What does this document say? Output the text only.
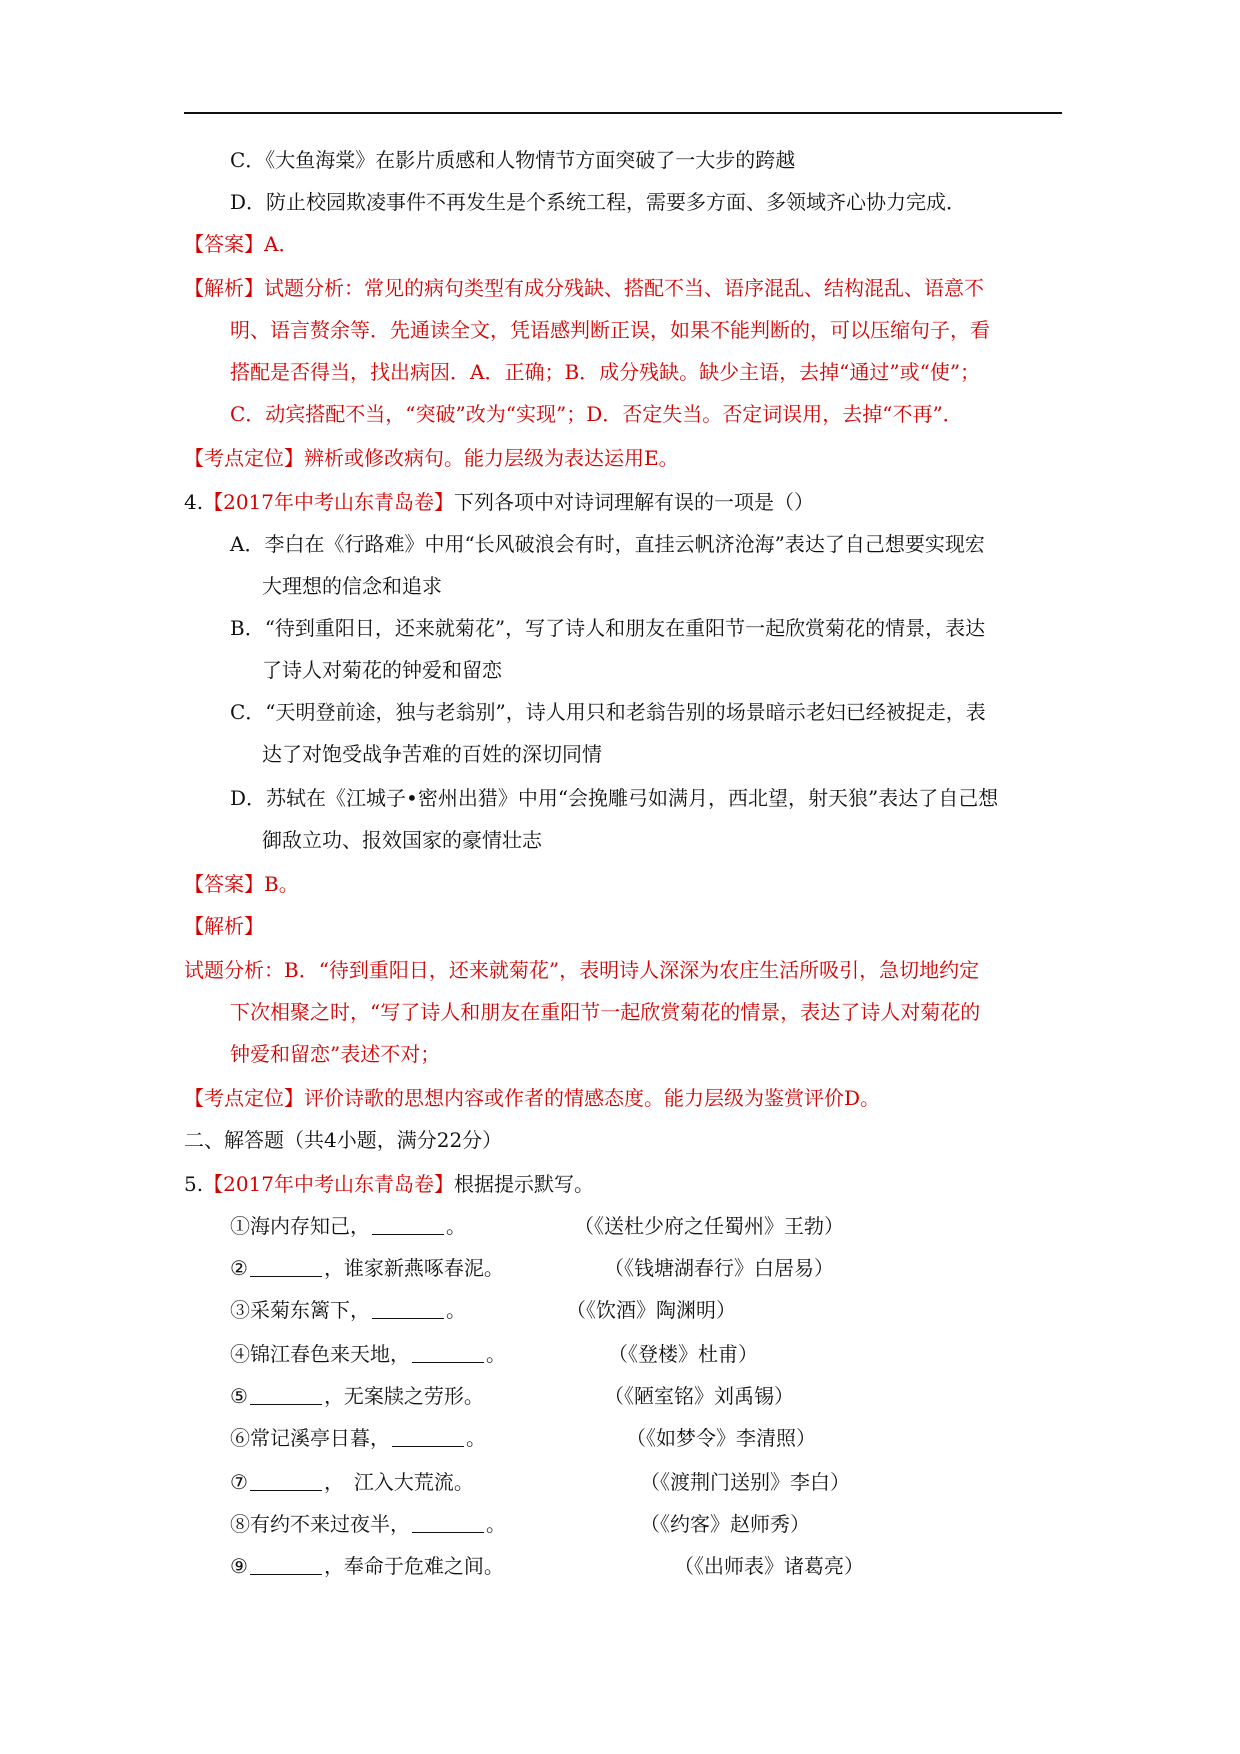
C．《大鱼海棠》在影片质感和人物情节方面突破了一大步的跨越
D．防止校园欺凌事件不再发生是个系统工程，需要多方面、多领域齐心协力完成．
【答案】A．
【解析】试题分析：常见的病句类型有成分残缺、搭配不当、语序混乱、结构混乱、语意不
明、语言赘余等．先通读全文，凭语感判断正误，如果不能判断的，可以压缩句子，看
搭配是否得当，找出病因．A．正确；B．成分残缺。缺少主语，去掉“通过”或“使”；
C．动宾搭配不当，“突破”改为“实现”；D．否定失当。否定词误用，去掉“不再”．
【考点定位】辨析或修改病句。能力层级为表达运用E。
4.【2017年中考山东青岛卷】下列各项中对诗词理解有误的一项是（）
A．李白在《行路难》中用“长风破浪会有时，直挂云帆济沧海”表达了自己想要实现宏
大理想的信念和追求
B．“待到重阳日，还来就菊花”，写了诗人和朋友在重阳节一起欣赏菊花的情景，表达
了诗人对菊花的钟爱和留恋
C．“天明登前途，独与老翁别”，诗人用只和老翁告别的场景暗示老妇已经被捉走，表
达了对饱受战争苦难的百姓的深切同情
D．苏轼在《江城子•密州出猎》中用“会挽雕弓如满月，西北望，射天狼”表达了自己想
御敌立功、报效国家的豪情壮志
【答案】B。
【解析】
试题分析：B．“待到重阳日，还来就菊花”，表明诗人深深为农庄生活所吸引，急切地约定
下次相聚之时，“写了诗人和朋友在重阳节一起欣赏菊花的情景，表达了诗人对菊花的
钟爱和留恋”表述不对；
【考点定位】评价诗歌的思想内容或作者的情感态度。能力层级为鉴赏评价D。
二、解答题（共4小题，满分22分）
5.【2017年中考山东青岛卷】根据提示默写。
①海内存知己，	。	（《送杜少府之任蜀州》王勃）
②	，谁家新燕啄春泥。	（《钱塘湖春行》白居易）
③采菊东篱下，	。	（《饮酒》陶渊明）
④锦江春色来天地，	。	（《登楼》杜甫）
⑤	，无案牍之劳形。	（《陋室铭》刘禹锡）
⑥常记溪亭日暮，	。	（《如梦令》李清照）
⑦	，　江入大荒流。	（《渡荆门送别》李白）
⑧有约不来过夜半，	。	（《约客》赵师秀）
⑨	，奉命于危难之间。	（《出师表》诸葛亮）
